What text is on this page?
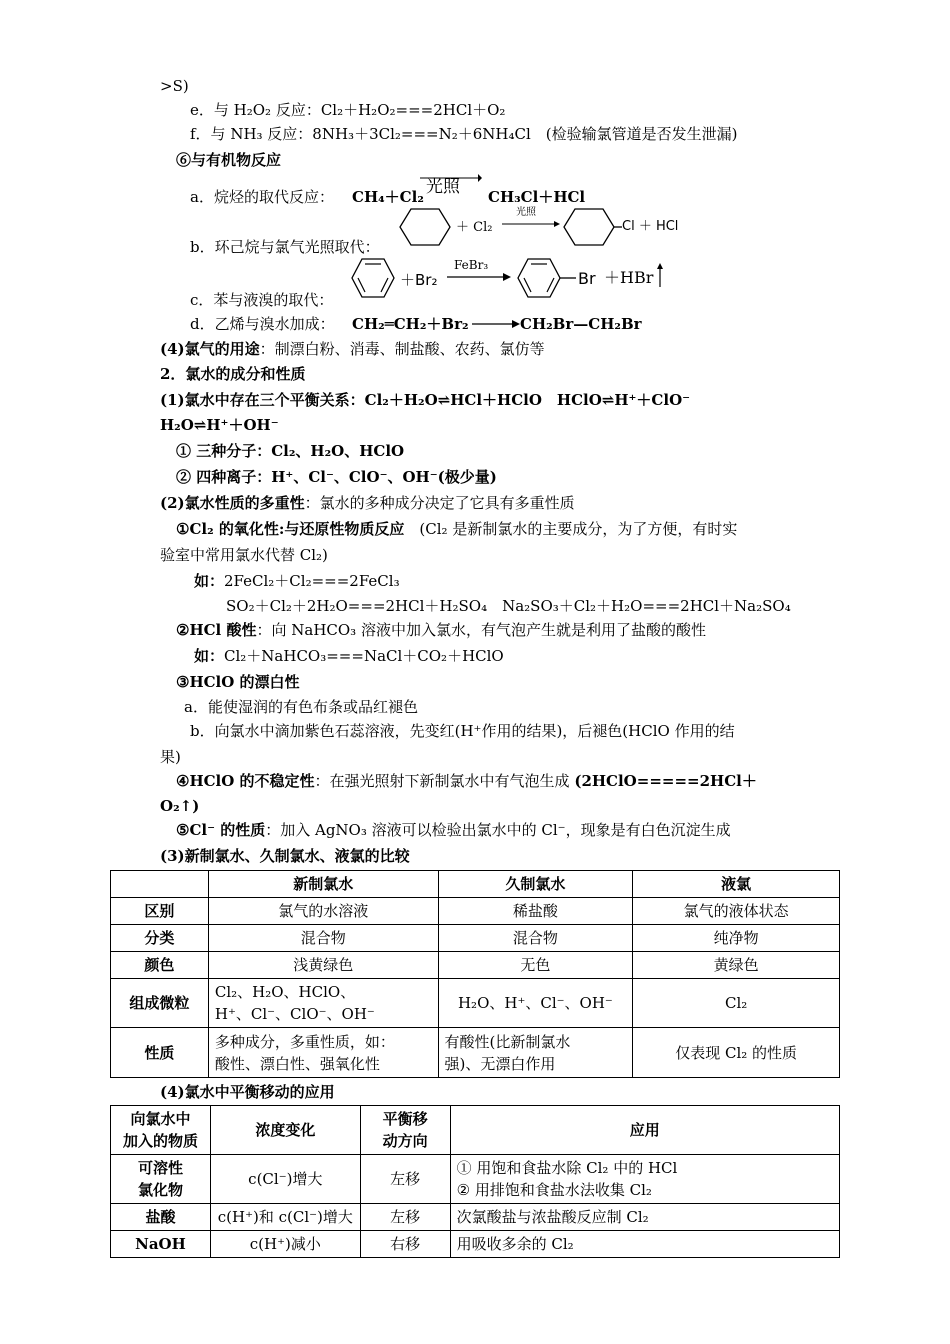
>S)
e．与 H₂O₂ 反应：Cl₂＋H₂O₂===2HCl＋O₂
f．与 NH₃ 反应：8NH₃＋3Cl₂===N₂＋6NH₄Cl　(检验输氯管道是否发生泄漏)
⑥与有机物反应
a．烷烃的取代反应： CH₄＋Cl₂ 光照 CH₃Cl＋HCl
＋ Cl₂
光照
Cl ＋ HCl
b．环己烷与氯气光照取代：
＋Br₂
FeBr₃
Br ＋HBr
c．苯与液溴的取代：
d．乙烯与溴水加成： CH₂═CH₂＋Br₂	CH₂Br—CH₂Br
(4)氯气的用途：制漂白粉、消毒、制盐酸、农药、氯仿等
2．氯水的成分和性质
(1)氯水中存在三个平衡关系：Cl₂＋H₂O⇌HCl＋HClO　HClO⇌H⁺＋ClO⁻
H₂O⇌H⁺＋OH⁻
① 三种分子：Cl₂、H₂O、HClO
② 四种离子：H⁺、Cl⁻、ClO⁻、OH⁻(极少量)
(2)氯水性质的多重性：氯水的多种成分决定了它具有多重性质
①Cl₂ 的氧化性:与还原性物质反应　(Cl₂ 是新制氯水的主要成分，为了方便，有时实
验室中常用氯水代替 Cl₂)
如：2FeCl₂＋Cl₂===2FeCl₃
SO₂＋Cl₂＋2H₂O===2HCl＋H₂SO₄　Na₂SO₃＋Cl₂＋H₂O===2HCl＋Na₂SO₄
②HCl 酸性：向 NaHCO₃ 溶液中加入氯水，有气泡产生就是利用了盐酸的酸性
如：Cl₂＋NaHCO₃===NaCl＋CO₂＋HClO
③HClO 的漂白性
a．能使湿润的有色布条或品红褪色
b．向氯水中滴加紫色石蕊溶液，先变红(H⁺作用的结果)，后褪色(HClO 作用的结
果)
④HClO 的不稳定性：在强光照射下新制氯水中有气泡生成 (2HClO=====2HCl＋
O₂↑)
⑤Cl⁻ 的性质：加入 AgNO₃ 溶液可以检验出氯水中的 Cl⁻，现象是有白色沉淀生成
(3)新制氯水、久制氯水、液氯的比较
	新制氯水	久制氯水	液氯
区别	氯气的水溶液	稀盐酸	氯气的液体状态
分类	混合物	混合物	纯净物
颜色	浅黄绿色	无色	黄绿色
组成微粒	Cl₂、H₂O、HClO、
H⁺、Cl⁻、ClO⁻、OH⁻	H₂O、H⁺、Cl⁻、OH⁻	Cl₂
性质	多种成分，多重性质，如：
酸性、漂白性、强氧化性	有酸性(比新制氯水
强)、无漂白作用	仅表现 Cl₂ 的性质
(4)氯水中平衡移动的应用
向氯水中
加入的物质	浓度变化	平衡移
动方向	应用
可溶性
氯化物	c(Cl⁻)增大	左移	① 用饱和食盐水除 Cl₂ 中的 HCl
② 用排饱和食盐水法收集 Cl₂
盐酸	c(H⁺)和 c(Cl⁻)增大	左移	次氯酸盐与浓盐酸反应制 Cl₂
NaOH	c(H⁺)减小	右移	用吸收多余的 Cl₂
